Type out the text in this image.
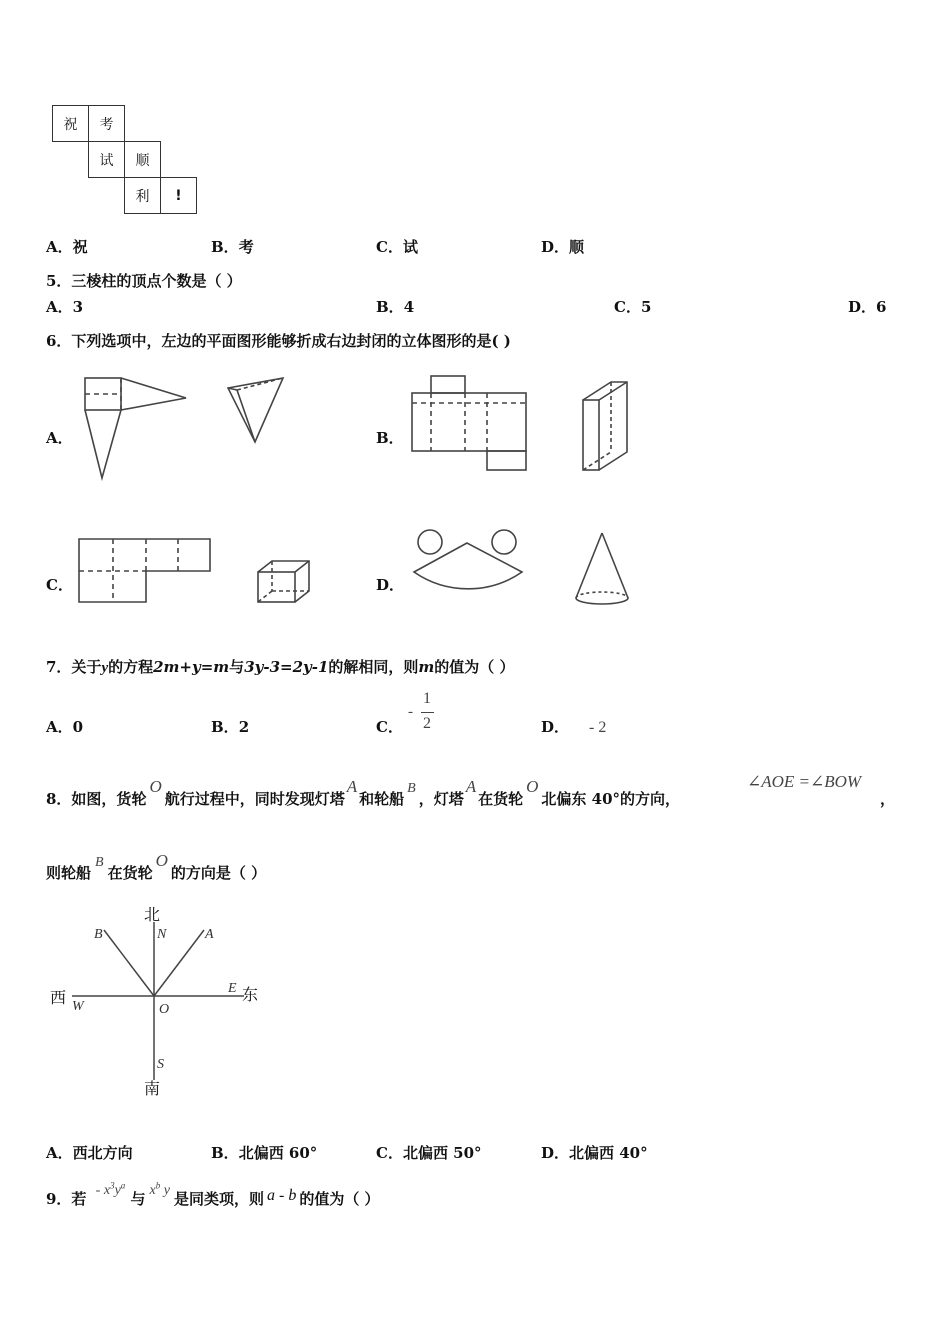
祝	考
试	顺
利	!
A．祝	B．考	C．试	D．顺
5．三棱柱的顶点个数是（ ）
A．3	B．4	C．5	D．6
6．下列选项中，左边的平面图形能够折成右边封闭的立体图形的是( )
A．	B．
C．	D．
7．关于y的方程2m+y=m与3y-3=2y-1的解相同，则m的值为（ ）
A．0	B．2	C．
-
1
2	D． - 2
8．如图，货轮O航行过程中，同时发现灯塔A和轮船B，灯塔A在货轮O北偏东 40°的方向，
∠AOE =∠BOW
，
则轮船B在货轮O的方向是（ ）
北
南
西	东
N
S
W
E
O
A
B
A．西北方向	B．北偏西 60°	C．北偏西 50°	D．北偏西 40°
9．若 - $x^3y^a$ 与 $x^b$ y 是同类项，则 a - b 的值为（ ）
